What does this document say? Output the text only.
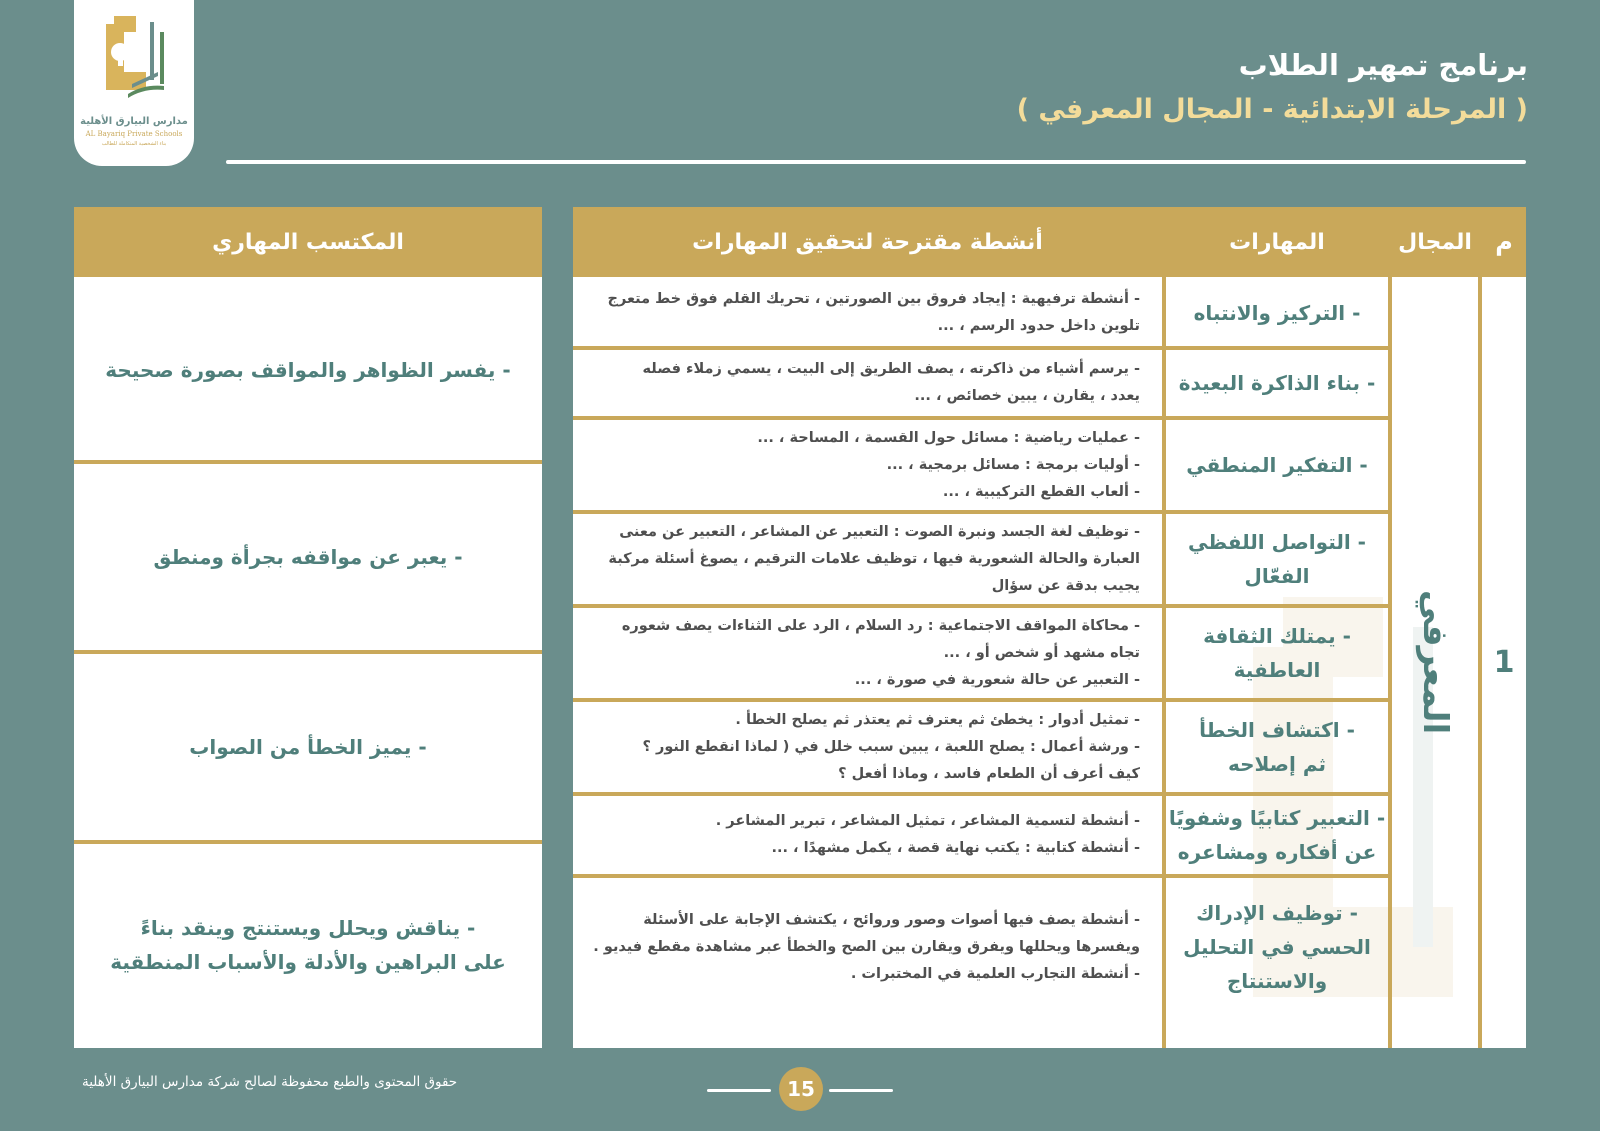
مدارس البيارق الأهلية
AL Bayariq Private Schools
بناء الشخصية المتكاملة للطالب
برنامج تمهير الطلاب
( المرحلة الابتدائية - المجال المعرفي )
م
المجال
المهارات
أنشطة مقترحة لتحقيق المهارات
1
المعرفي
- التركيز والانتباه
- أنشطة ترفيهية : إيجاد فروق بين الصورتين ، تحريك القلم فوق خط متعرج
تلوين داخل حدود الرسم ، ...
- بناء الذاكرة البعيدة
- يرسم أشياء من ذاكرته ، يصف الطريق إلى البيت ، يسمي زملاء فصله
يعدد ، يقارن ، يبين خصائص ، ...
- التفكير المنطقي
- عمليات رياضية : مسائل حول القسمة ، المساحة ، ...
- أوليات برمجة : مسائل برمجية ، ...
- ألعاب القطع التركيبية ، ...
- التواصل اللفظي
الفعّال
- توظيف لغة الجسد ونبرة الصوت : التعبير عن المشاعر ، التعبير عن معنى
العبارة والحالة الشعورية فيها ، توظيف علامات الترقيم ، يصوغ أسئلة مركبة
يجيب بدقة عن سؤال
- يمتلك الثقافة
العاطفية
- محاكاة المواقف الاجتماعية : رد السلام ، الرد على الثناءات يصف شعوره
تجاه مشهد أو شخص أو ، ...
- التعبير عن حالة شعورية في صورة ، ...
- اكتشاف الخطأ
ثم إصلاحه
- تمثيل أدوار : يخطئ ثم يعترف ثم يعتذر ثم يصلح الخطأ .
- ورشة أعمال : يصلح اللعبة ، يبين سبب خلل في ( لماذا انقطع النور ؟
كيف أعرف أن الطعام فاسد ، وماذا أفعل ؟
- التعبير كتابيًا وشفويًا
عن أفكاره ومشاعره
- أنشطة لتسمية المشاعر ، تمثيل المشاعر ، تبرير المشاعر .
- أنشطة كتابية : يكتب نهاية قصة ، يكمل مشهدًا ، ...
- توظيف الإدراك
الحسي في التحليل
والاستنتاج
- أنشطة يصف فيها أصوات وصور وروائح ، يكتشف الإجابة على الأسئلة
ويفسرها ويحللها ويفرق ويقارن بين الصح والخطأ عبر مشاهدة مقطع فيديو .
- أنشطة التجارب العلمية في المختبرات .
المكتسب المهاري
- يفسر الظواهر والمواقف بصورة صحيحة
- يعبر عن مواقفه بجرأة ومنطق
- يميز الخطأ من الصواب
- يناقش ويحلل ويستنتج وينقد بناءً
على البراهين والأدلة والأسباب المنطقية
حقوق المحتوى والطبع محفوظة لصالح شركة مدارس البيارق الأهلية	15
